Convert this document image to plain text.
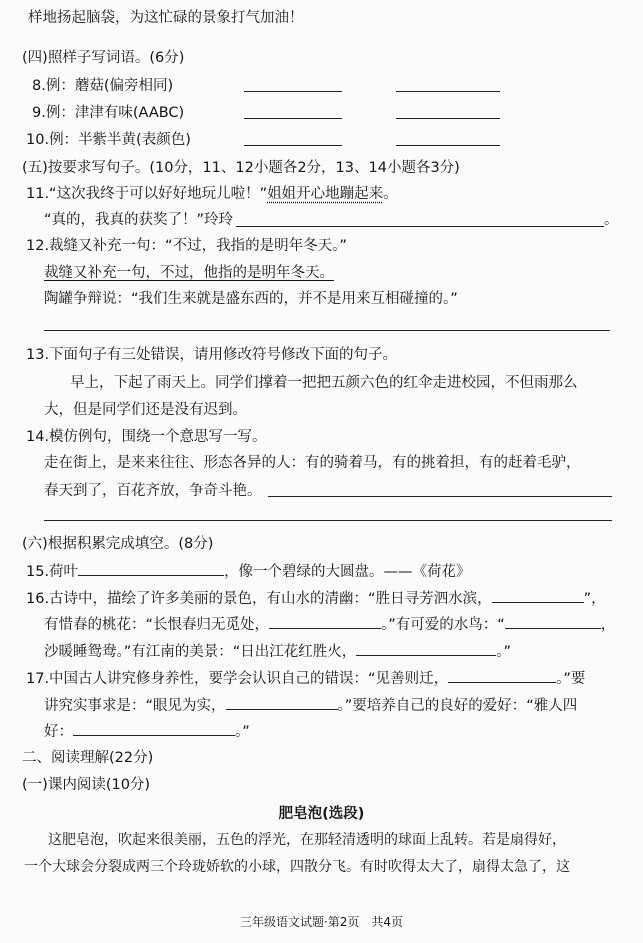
样地扬起脑袋，为这忙碌的景象打气加油！
(四)照样子写词语。(6分)
8.例：蘑菇(偏旁相同)
9.例：津津有味(AABC)
10.例：半紫半黄(表颜色)
(五)按要求写句子。(10分，11、12小题各2分，13、14小题各3分)
11.“这次我终于可以好好地玩儿啦！”姐姐开心地蹦起来。
“真的，我真的获奖了！”玲玲	。
12.裁缝又补充一句：“不过，我指的是明年冬天。”
裁缝又补充一句，不过，他指的是明年冬天。
陶罐争辩说：“我们生来就是盛东西的，并不是用来互相碰撞的。”
13.下面句子有三处错误，请用修改符号修改下面的句子。
早上，下起了雨天上。同学们撑着一把把五颜六色的红伞走进校园，不但雨那么
大，但是同学们还是没有迟到。
14.模仿例句，围绕一个意思写一写。
走在街上，是来来往往、形态各异的人：有的骑着马，有的挑着担，有的赶着毛驴，
春天到了，百花齐放，争奇斗艳。
(六)根据积累完成填空。(8分)
15.荷叶	，像一个碧绿的大圆盘。——《荷花》
16.古诗中，描绘了许多美丽的景色，有山水的清幽：“胜日寻芳泗水滨，	”，
有惜春的桃花：“长恨春归无觅处，	。”有可爱的水鸟：“	，
沙暖睡鸳鸯。”有江南的美景：“日出江花红胜火，	。”
17.中国古人讲究修身养性，要学会认识自己的错误：“见善则迁，	。”要
讲究实事求是：“眼见为实，	。”要培养自己的良好的爱好：“雅人四
好：	。”
二、阅读理解(22分)
(一)课内阅读(10分)
肥皂泡(选段)
这肥皂泡，吹起来很美丽，五色的浮光，在那轻清透明的球面上乱转。若是扇得好，
一个大球会分裂成两三个玲珑娇软的小球，四散分飞。有时吹得太大了，扇得太急了，这
三年级语文试题·第2页　共4页
